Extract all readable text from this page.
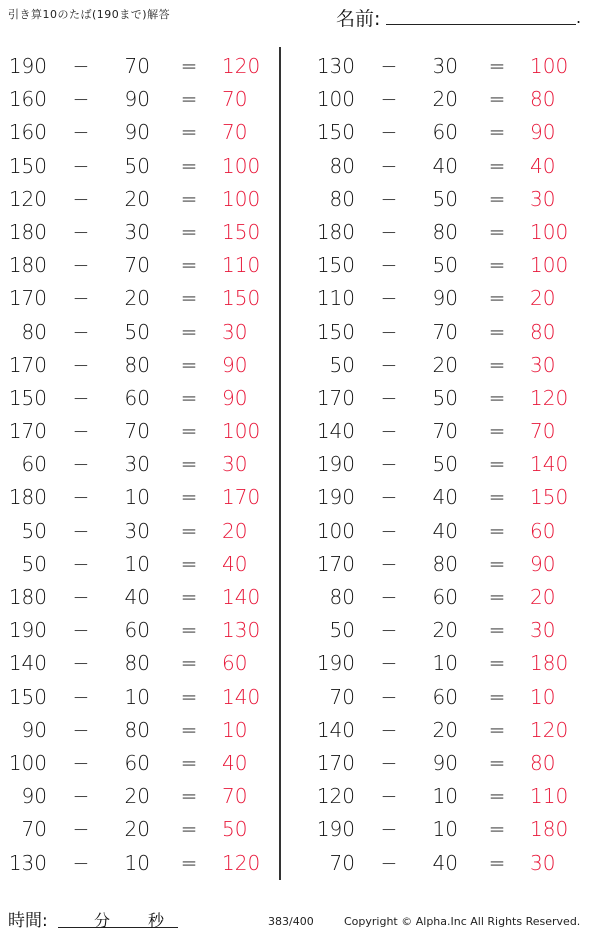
引き算10のたば(190まで)解答	名前:	.
190 −	70 = 120
160 −	90 = 70
160 −	90 = 70
150 −	50 = 100
120 −	20 = 100
180 −	30 = 150
180 −	70 = 110
170 −	20 = 150
80 −	50 = 30
170 −	80 = 90
150 −	60 = 90
170 −	70 = 100
60 −	30 = 30
180 −	10 = 170
50 −	30 = 20
50 −	10 = 40
180 −	40 = 140
190 −	60 = 130
140 −	80 = 60
150 −	10 = 140
90 −	80 = 10
100 −	60 = 40
90 −	20 = 70
70 −	20 = 50
130 −	10 = 120
130 −	30 = 100
100 −	20 = 80
150 −	60 = 90
80 −	40 = 40
80 −	50 = 30
180 −	80 = 100
150 −	50 = 100
110 −	90 = 20
150 −	70 = 80
50 −	20 = 30
170 −	50 = 120
140 −	70 = 70
190 −	50 = 140
190 −	40 = 150
100 −	40 = 60
170 −	80 = 90
80 −	60 = 20
50 −	20 = 30
190 −	10 = 180
70 −	60 = 10
140 −	20 = 120
170 −	90 = 80
120 −	10 = 110
190 −	10 = 180
70 −	40 = 30
時間:	分 秒	383/400	Copyright © Alpha.Inc All Rights Reserved.
